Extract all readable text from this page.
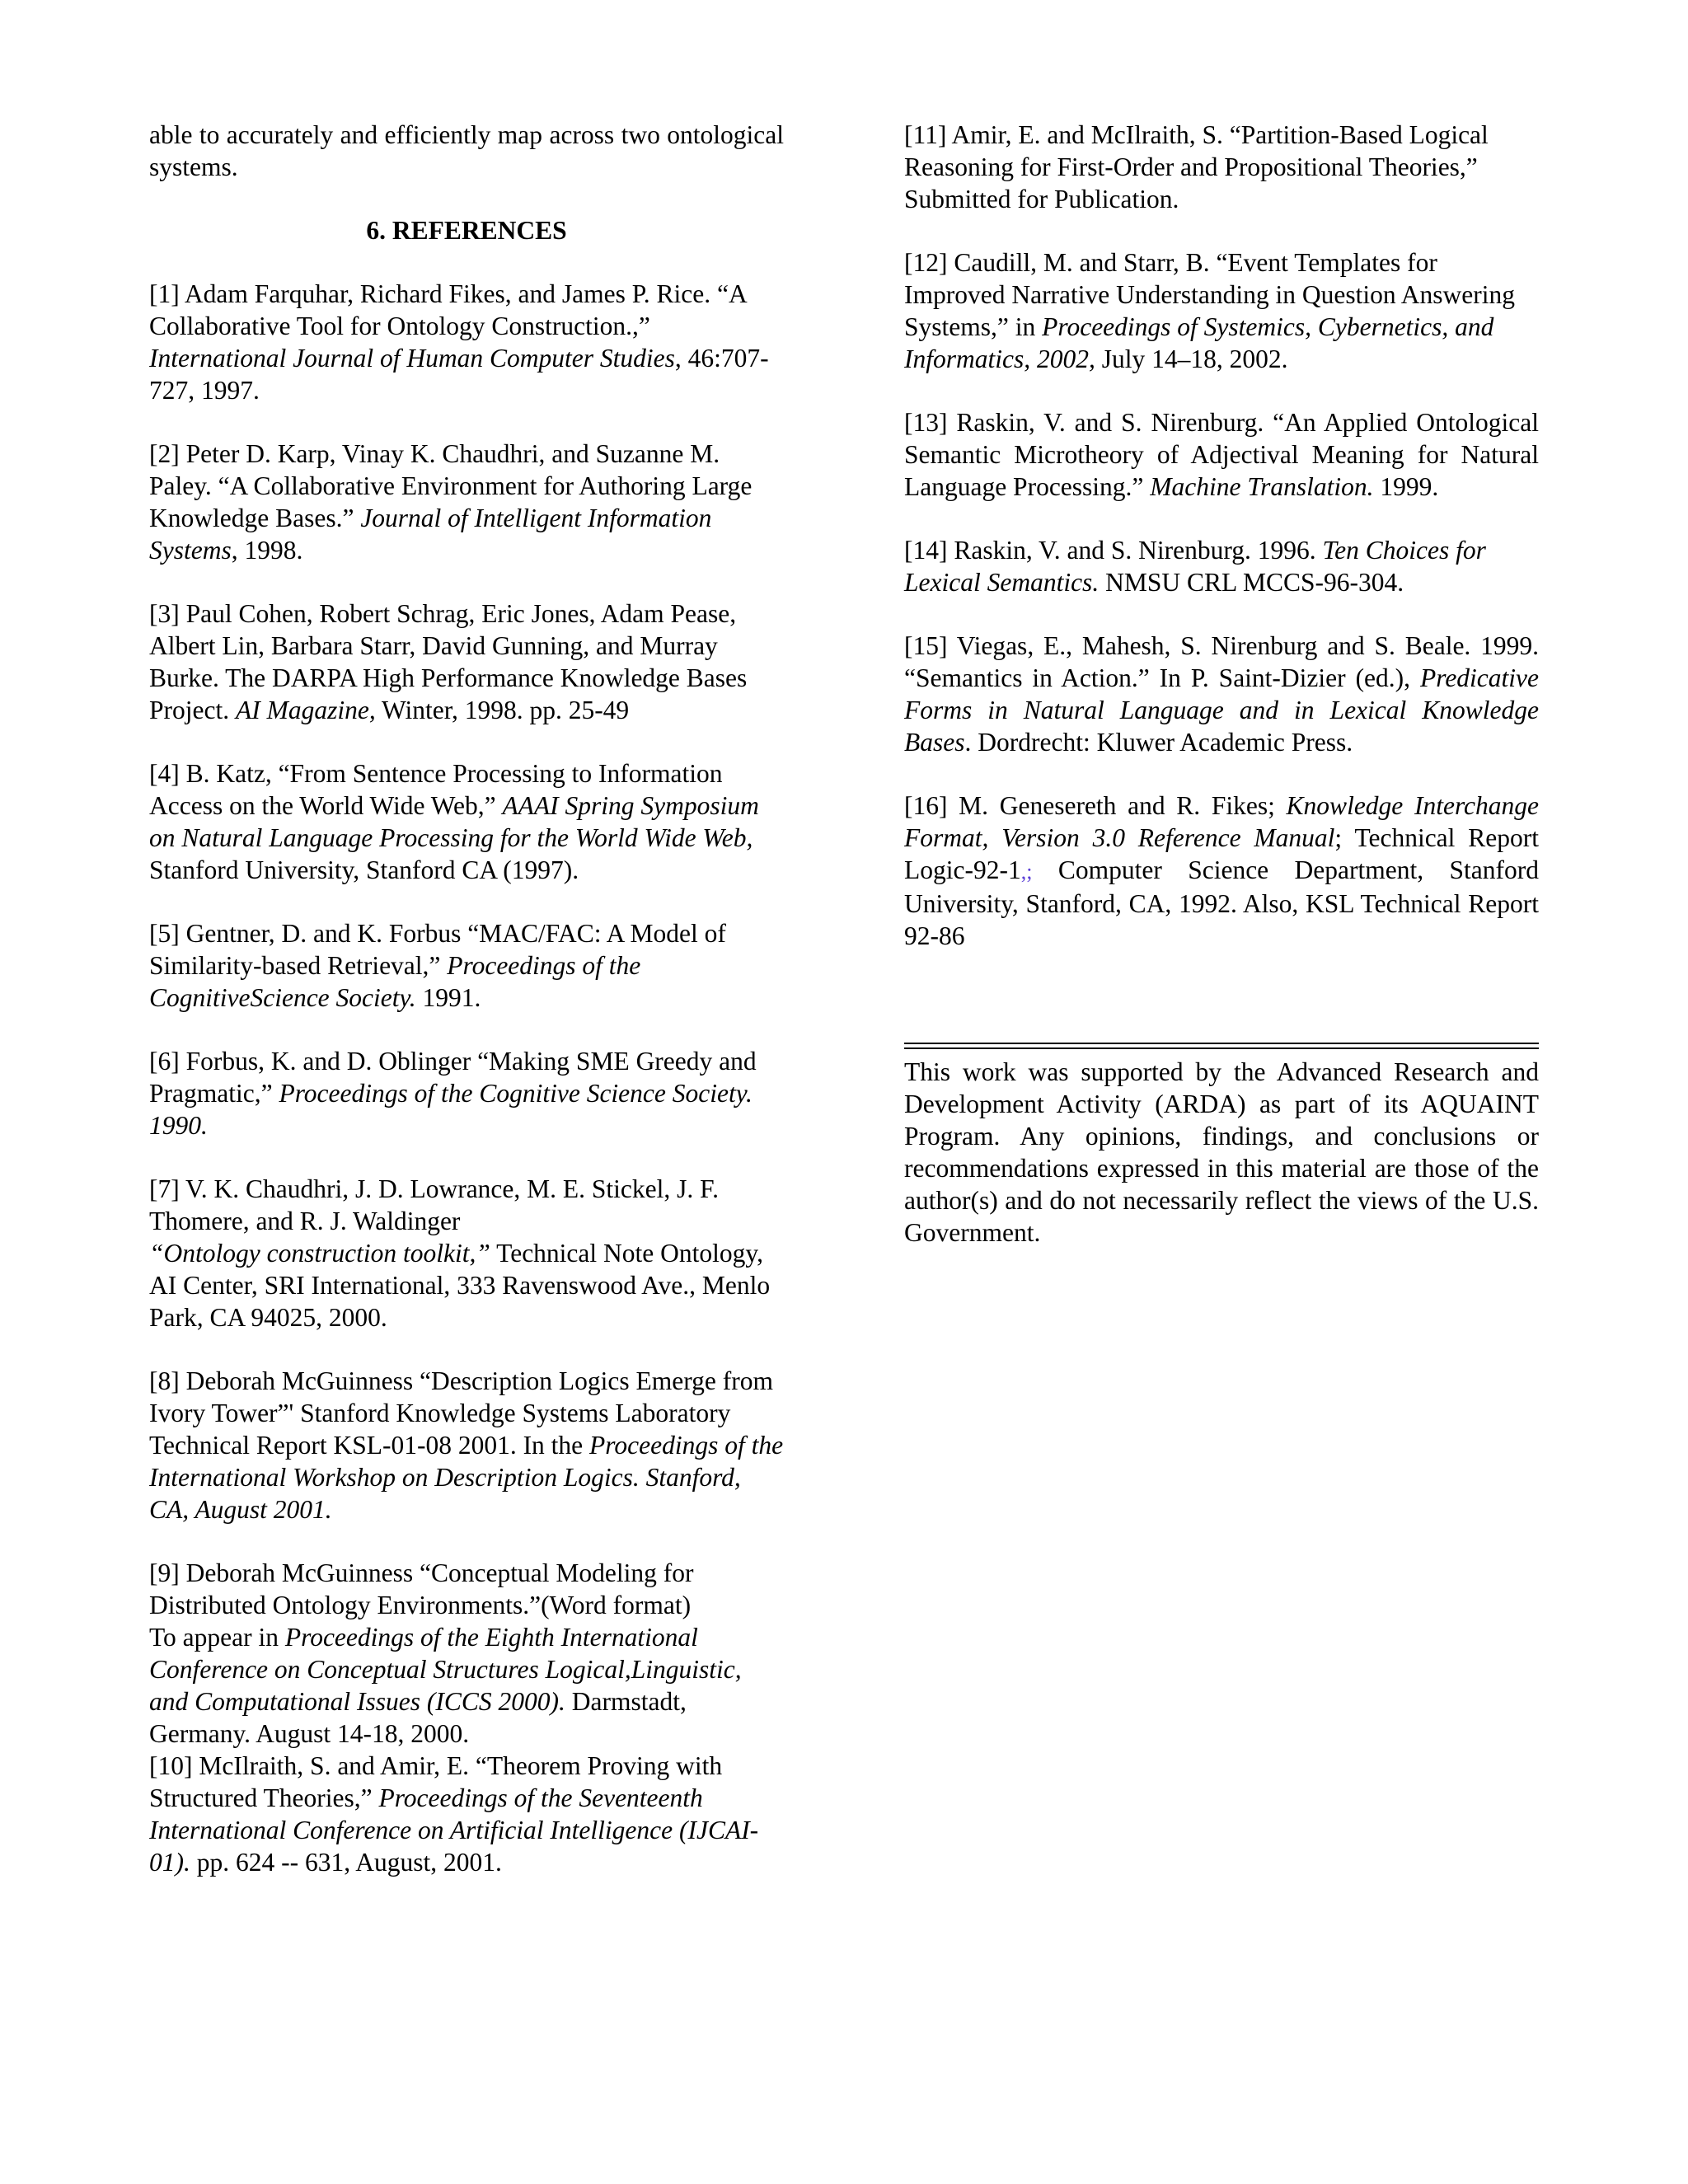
able to accurately and efficiently map across two ontological systems.

6. REFERENCES

[1] Adam Farquhar, Richard Fikes, and James P. Rice. “A Collaborative Tool for Ontology Construction.,” International Journal of Human Computer Studies, 46:707-727, 1997.

[2] Peter D. Karp, Vinay K. Chaudhri, and Suzanne M. Paley. “A Collaborative Environment for Authoring Large Knowledge Bases.” Journal of Intelligent Information Systems, 1998.

[3] Paul Cohen, Robert Schrag, Eric Jones, Adam Pease, Albert Lin, Barbara Starr, David Gunning, and Murray Burke. The DARPA High Performance Knowledge Bases Project. AI Magazine, Winter, 1998. pp. 25-49

[4] B. Katz, “From Sentence Processing to Information Access on the World Wide Web,” AAAI Spring Symposium on Natural Language Processing for the World Wide Web, Stanford University, Stanford CA (1997).

[5] Gentner, D. and K. Forbus “MAC/FAC: A Model of Similarity-based Retrieval,” Proceedings of the CognitiveScience Society. 1991.

[6] Forbus, K. and D. Oblinger “Making SME Greedy and Pragmatic,” Proceedings of the Cognitive Science Society. 1990.

[7] V. K. Chaudhri, J. D. Lowrance, M. E. Stickel, J. F. Thomere, and R. J. Waldinger
“Ontology construction toolkit,” Technical Note Ontology, AI Center, SRI International, 333 Ravenswood Ave., Menlo Park, CA 94025, 2000.

[8] Deborah McGuinness “Description Logics Emerge from Ivory Tower”' Stanford Knowledge Systems Laboratory Technical Report KSL-01-08 2001. In the Proceedings of the International Workshop on Description Logics. Stanford, CA, August 2001.

[9] Deborah McGuinness “Conceptual Modeling for Distributed Ontology Environments.”(Word format)
To appear in Proceedings of the Eighth International Conference on Conceptual Structures Logical,Linguistic, and Computational Issues (ICCS 2000). Darmstadt, Germany. August 14-18, 2000.

[10] McIlraith, S. and Amir, E. “Theorem Proving with Structured Theories,” Proceedings of the Seventeenth International Conference on Artificial Intelligence (IJCAI-01). pp. 624 -- 631, August, 2001.

[11] Amir, E. and McIlraith, S. “Partition-Based Logical Reasoning for First-Order and Propositional Theories,” Submitted for Publication.

[12] Caudill, M. and Starr, B. “Event Templates for Improved Narrative Understanding in Question Answering Systems,” in Proceedings of Systemics, Cybernetics, and Informatics, 2002, July 14–18, 2002.

[13] Raskin, V. and S. Nirenburg. “An Applied Ontological Semantic Microtheory of Adjectival Meaning for Natural Language Processing.” Machine Translation. 1999.

[14] Raskin, V. and S. Nirenburg. 1996. Ten Choices for Lexical Semantics. NMSU CRL MCCS-96-304.

[15] Viegas, E., Mahesh, S. Nirenburg and S. Beale. 1999. “Semantics in Action.” In P. Saint-Dizier (ed.), Predicative Forms in Natural Language and in Lexical Knowledge Bases. Dordrecht: Kluwer Academic Press.

[16] M. Genesereth and R. Fikes; Knowledge Interchange Format, Version 3.0 Reference Manual; Technical Report Logic-92-1,; Computer Science Department, Stanford University, Stanford, CA, 1992. Also, KSL Technical Report 92-86

This work was supported by the Advanced Research and Development Activity (ARDA) as part of its AQUAINT Program. Any opinions, findings, and conclusions or recommendations expressed in this material are those of the author(s) and do not necessarily reflect the views of the U.S. Government.
